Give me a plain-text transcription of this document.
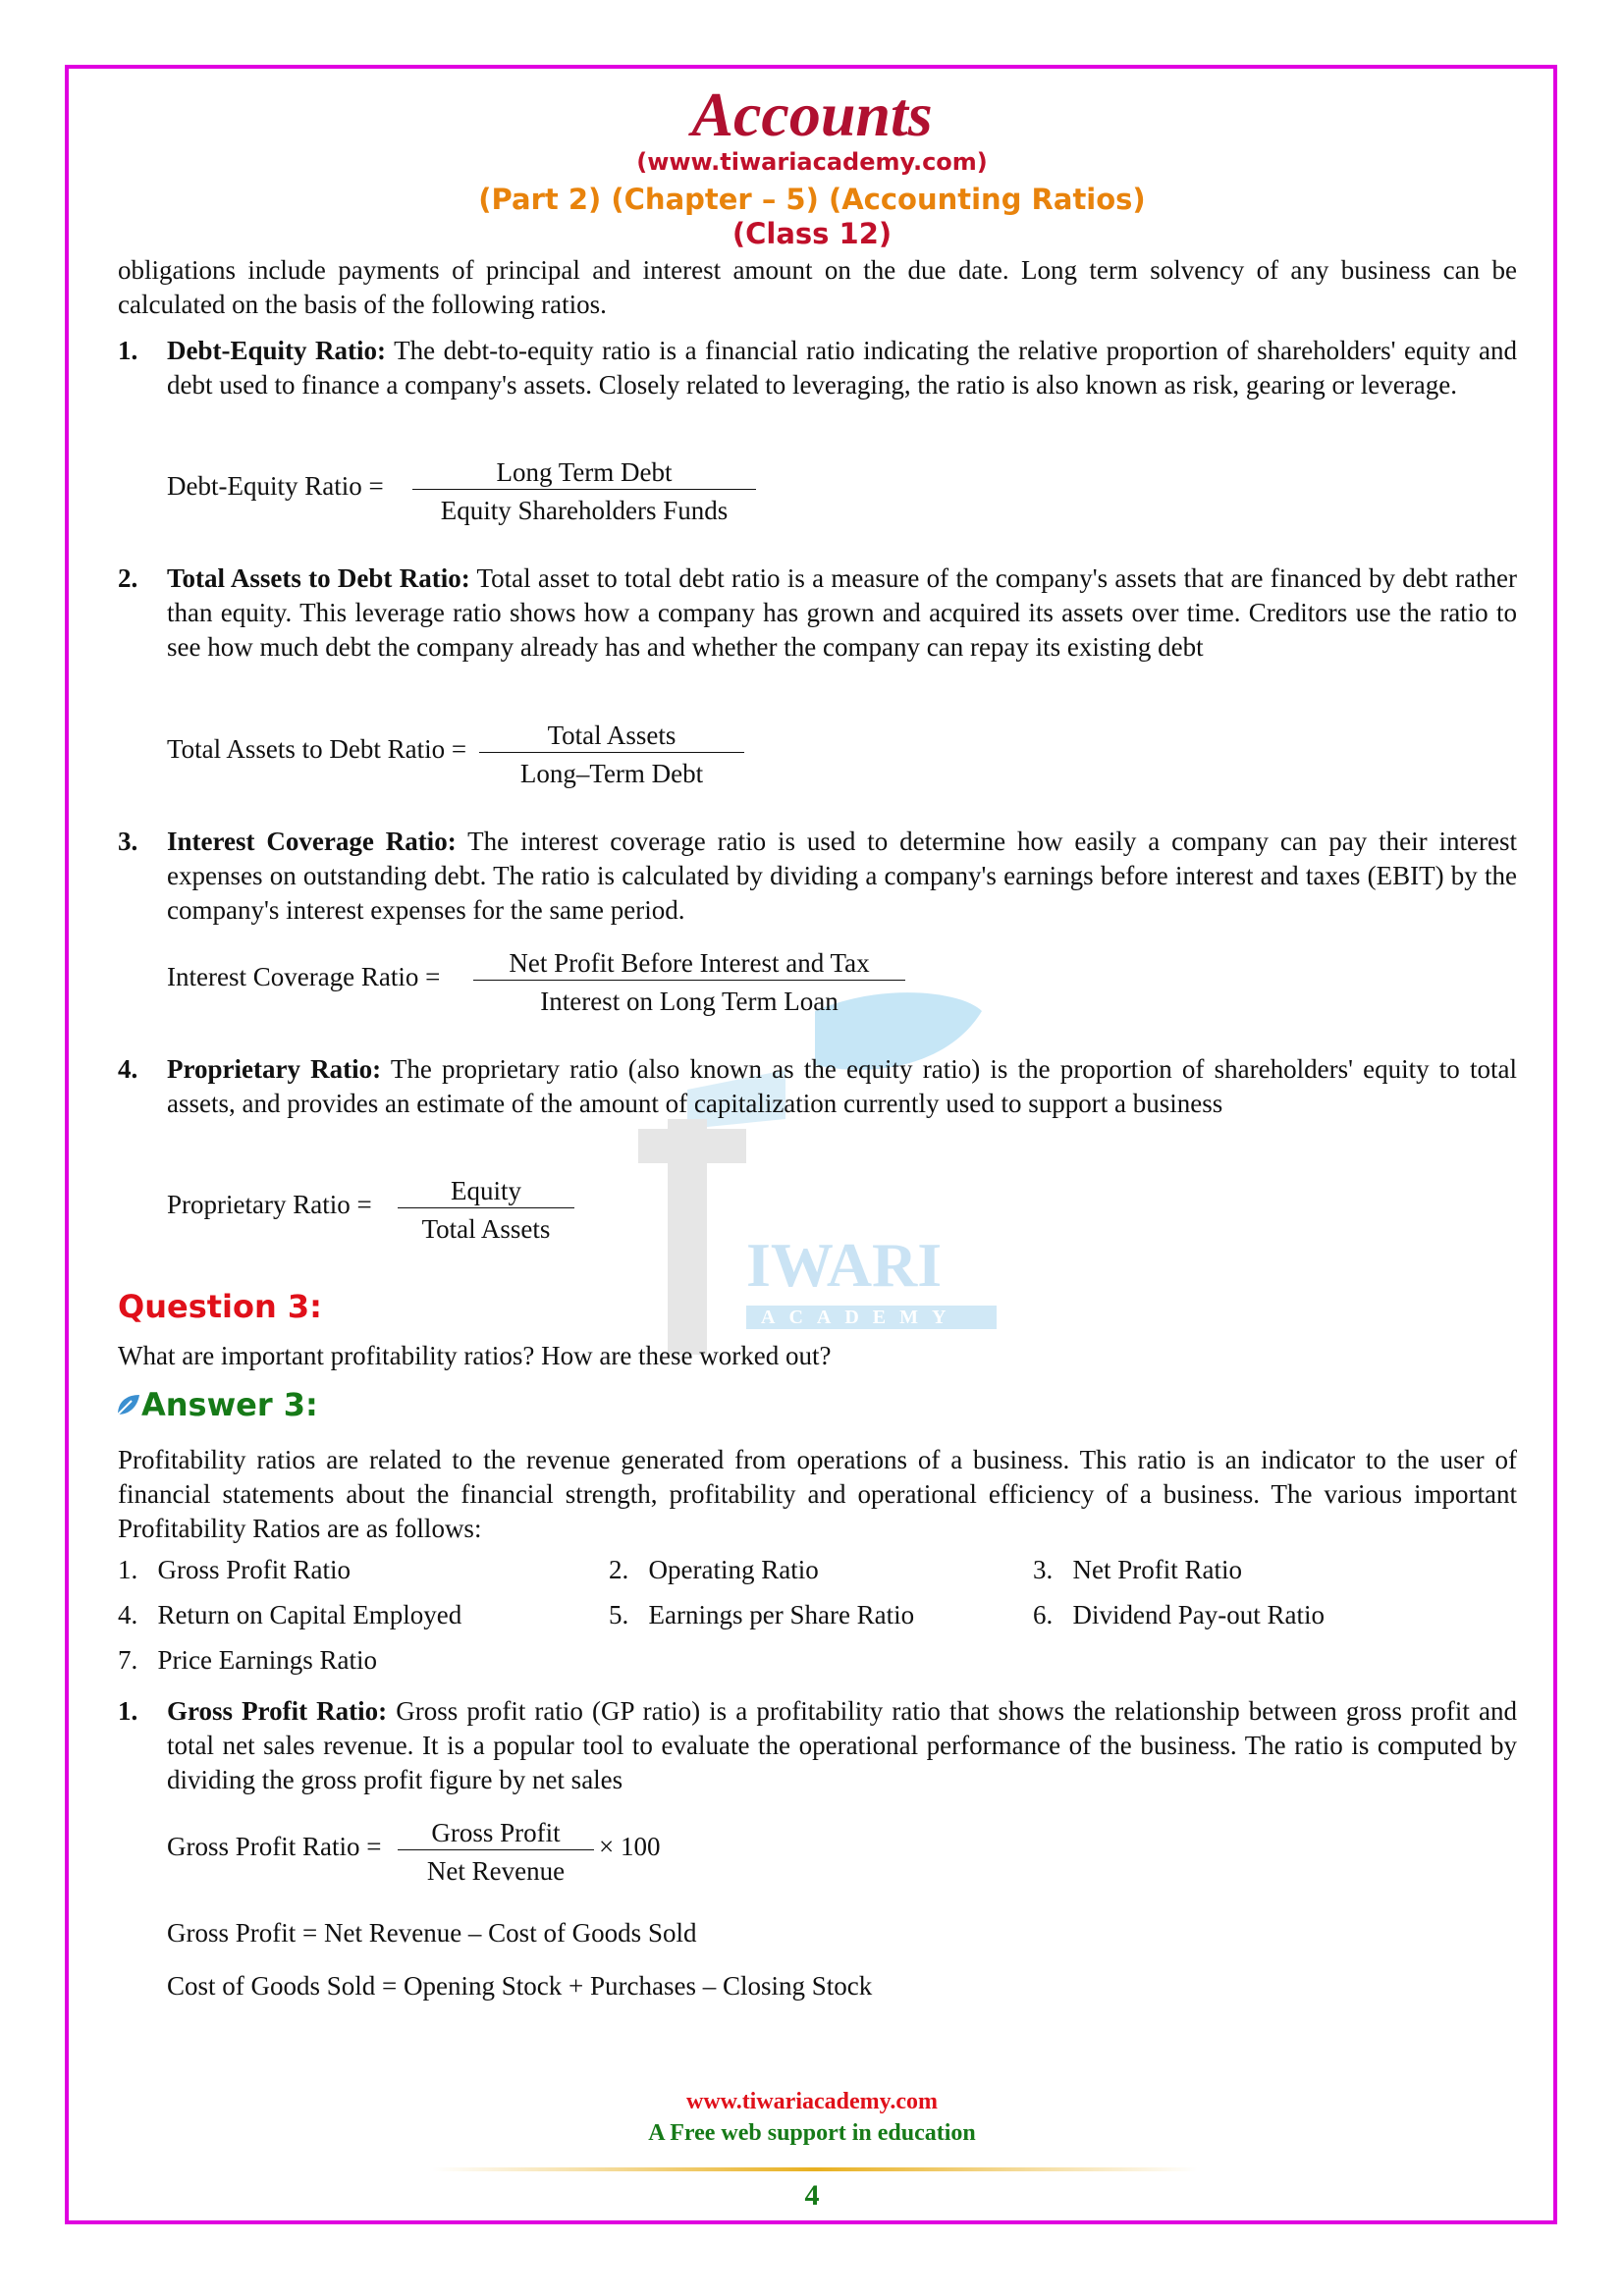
IWARI
ACADEMY
Accounts
(www.tiwariacademy.com)
(Part 2) (Chapter – 5) (Accounting Ratios)
(Class 12)
obligations include payments of principal and interest amount on the due date. Long term solvency of any business can be calculated on the basis of the following ratios.
1. Debt-Equity Ratio: The debt-to-equity ratio is a financial ratio indicating the relative proportion of shareholders' equity and debt used to finance a company's assets. Closely related to leveraging, the ratio is also known as risk, gearing or leverage.
Debt-Equity Ratio =	Long Term Debt
Equity Shareholders Funds
2. Total Assets to Debt Ratio: Total asset to total debt ratio is a measure of the company's assets that are financed by debt rather than equity. This leverage ratio shows how a company has grown and acquired its assets over time. Creditors use the ratio to see how much debt the company already has and whether the company can repay its existing debt
Total Assets to Debt Ratio =	Total Assets
Long–Term Debt
3. Interest Coverage Ratio: The interest coverage ratio is used to determine how easily a company can pay their interest expenses on outstanding debt. The ratio is calculated by dividing a company's earnings before interest and taxes (EBIT) by the company's interest expenses for the same period.
Interest Coverage Ratio =	Net Profit Before Interest and Tax
Interest on Long Term Loan
4. Proprietary Ratio: The proprietary ratio (also known as the equity ratio) is the proportion of shareholders' equity to total assets, and provides an estimate of the amount of capitalization currently used to support a business
Proprietary Ratio =	Equity
Total Assets
Question 3:
What are important profitability ratios? How are these worked out?
Answer 3:
Profitability ratios are related to the revenue generated from operations of a business. This ratio is an indicator to the user of financial statements about the financial strength, profitability and operational efficiency of a business. The various important Profitability Ratios are as follows:
1. Gross Profit Ratio	2. Operating Ratio	3. Net Profit Ratio
4. Return on Capital Employed	5. Earnings per Share Ratio	6. Dividend Pay-out Ratio
7. Price Earnings Ratio
1. Gross Profit Ratio: Gross profit ratio (GP ratio) is a profitability ratio that shows the relationship between gross profit and total net sales revenue. It is a popular tool to evaluate the operational performance of the business. The ratio is computed by dividing the gross profit figure by net sales
Gross Profit Ratio =	Gross Profit
Net Revenue
× 100
Gross Profit = Net Revenue – Cost of Goods Sold
Cost of Goods Sold = Opening Stock + Purchases – Closing Stock
www.tiwariacademy.com
A Free web support in education
4
